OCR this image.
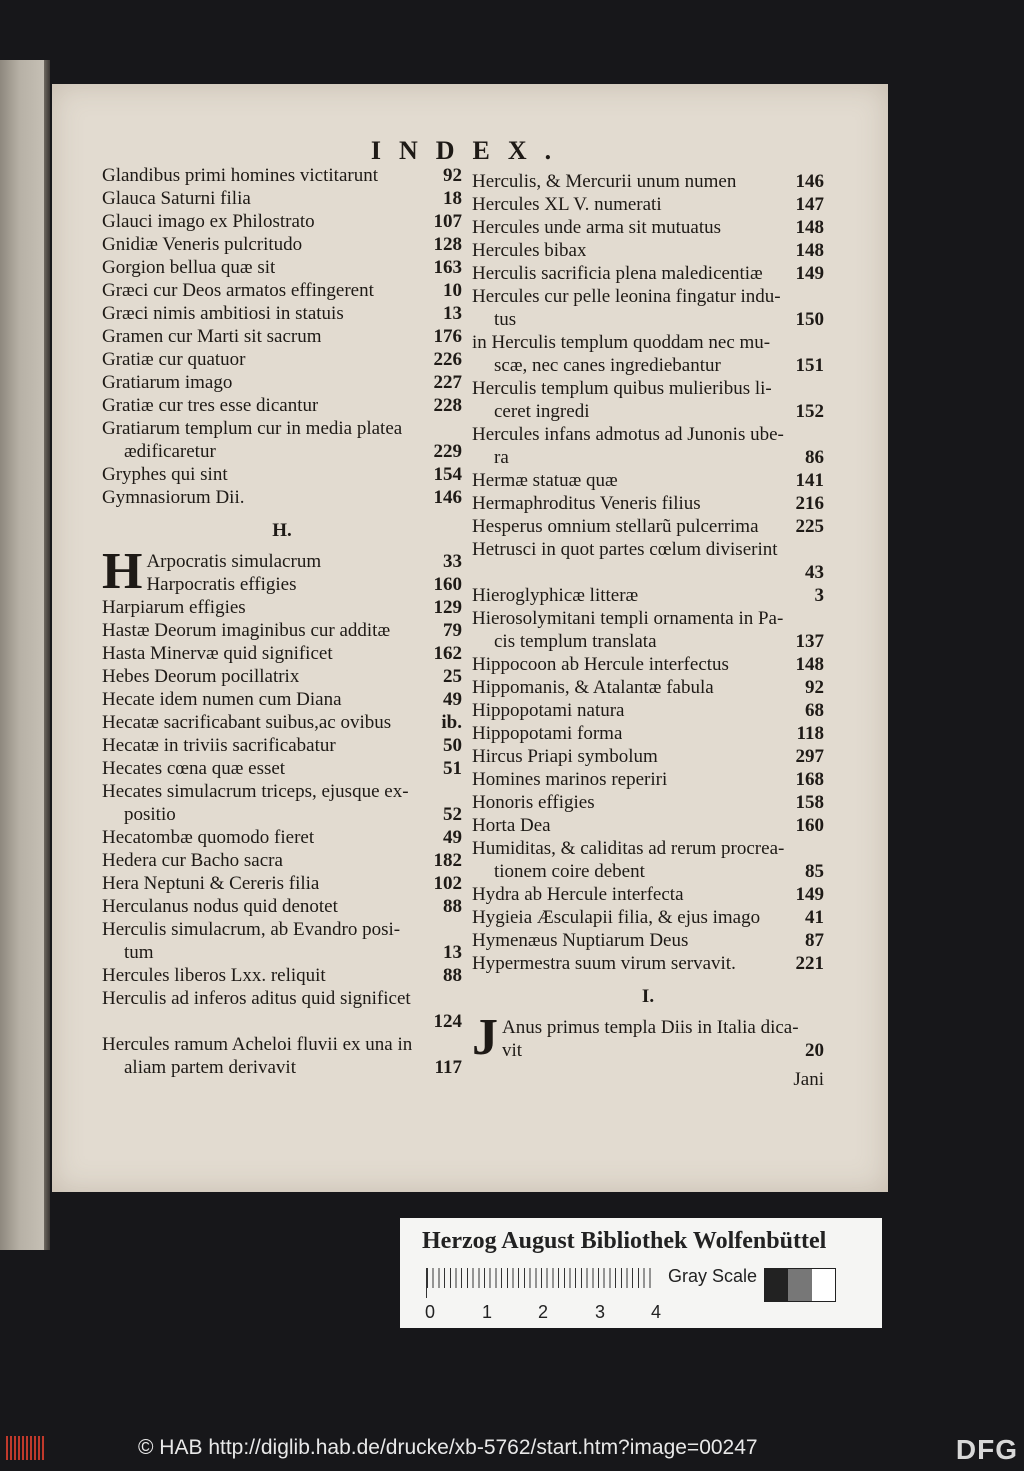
INDEX.
Glandibus primi homines victitarunt	92
Glauca Saturni filia	18
Glauci imago ex Philostrato	107
Gnidiæ Veneris pulcritudo	128
Gorgion bellua quæ sit	163
Græci cur Deos armatos effingerent	10
Græci nimis ambitiosi in statuis	13
Gramen cur Marti sit sacrum	176
Gratiæ cur quatuor	226
Gratiarum imago	227
Gratiæ cur tres esse dicantur	228
Gratiarum templum cur in media platea
ædificaretur	229
Gryphes qui sint	154
Gymnasiorum Dii.	146
H.
H Arpocratis simulacrum	33
Harpocratis effigies	160
Harpiarum effigies	129
Hastæ Deorum imaginibus cur additæ	79
Hasta Minervæ quid significet	162
Hebes Deorum pocillatrix	25
Hecate idem numen cum Diana	49
Hecatæ sacrificabant suibus,ac ovibus	ib.
Hecatæ in triviis sacrificabatur	50
Hecates cœna quæ esset	51
Hecates simulacrum triceps, ejusque ex-
positio	52
Hecatombæ quomodo fieret	49
Hedera cur Bacho sacra	182
Hera Neptuni & Cereris filia	102
Herculanus nodus quid denotet	88
Herculis simulacrum, ab Evandro posi-
tum	13
Hercules liberos Lxx. reliquit	88
Herculis ad inferos aditus quid significet
124
Hercules ramum Acheloi fluvii ex una in
aliam partem derivavit	117
Herculis, & Mercurii unum numen	146
Hercules XL V. numerati	147
Hercules unde arma sit mutuatus	148
Hercules bibax	148
Herculis sacrificia plena maledicentiæ	149
Hercules cur pelle leonina fingatur indu-
tus	150
in Herculis templum quoddam nec mu-
scæ, nec canes ingrediebantur	151
Herculis templum quibus mulieribus li-
ceret ingredi	152
Hercules infans admotus ad Junonis ube-
ra	86
Hermæ statuæ quæ	141
Hermaphroditus Veneris filius	216
Hesperus omnium stellarũ pulcerrima	225
Hetrusci in quot partes cœlum diviserint
43
Hieroglyphicæ litteræ	3
Hierosolymitani templi ornamenta in Pa-
cis templum translata	137
Hippocoon ab Hercule interfectus	148
Hippomanis, & Atalantæ fabula	92
Hippopotami natura	68
Hippopotami forma	118
Hircus Priapi symbolum	297
Homines marinos reperiri	168
Honoris effigies	158
Horta Dea	160
Humiditas, & caliditas ad rerum procrea-
tionem coire debent	85
Hydra ab Hercule interfecta	149
Hygieia Æsculapii filia, & ejus imago	41
Hymenæus Nuptiarum Deus	87
Hypermestra suum virum servavit.	221
I.
J Anus primus templa Diis in Italia dica-
vit	20
Jani
Herzog August Bibliothek Wolfenbüttel
0	1	2	3	4
Gray Scale
© HAB http://diglib.hab.de/drucke/xb-5762/start.htm?image=00247	DFG
